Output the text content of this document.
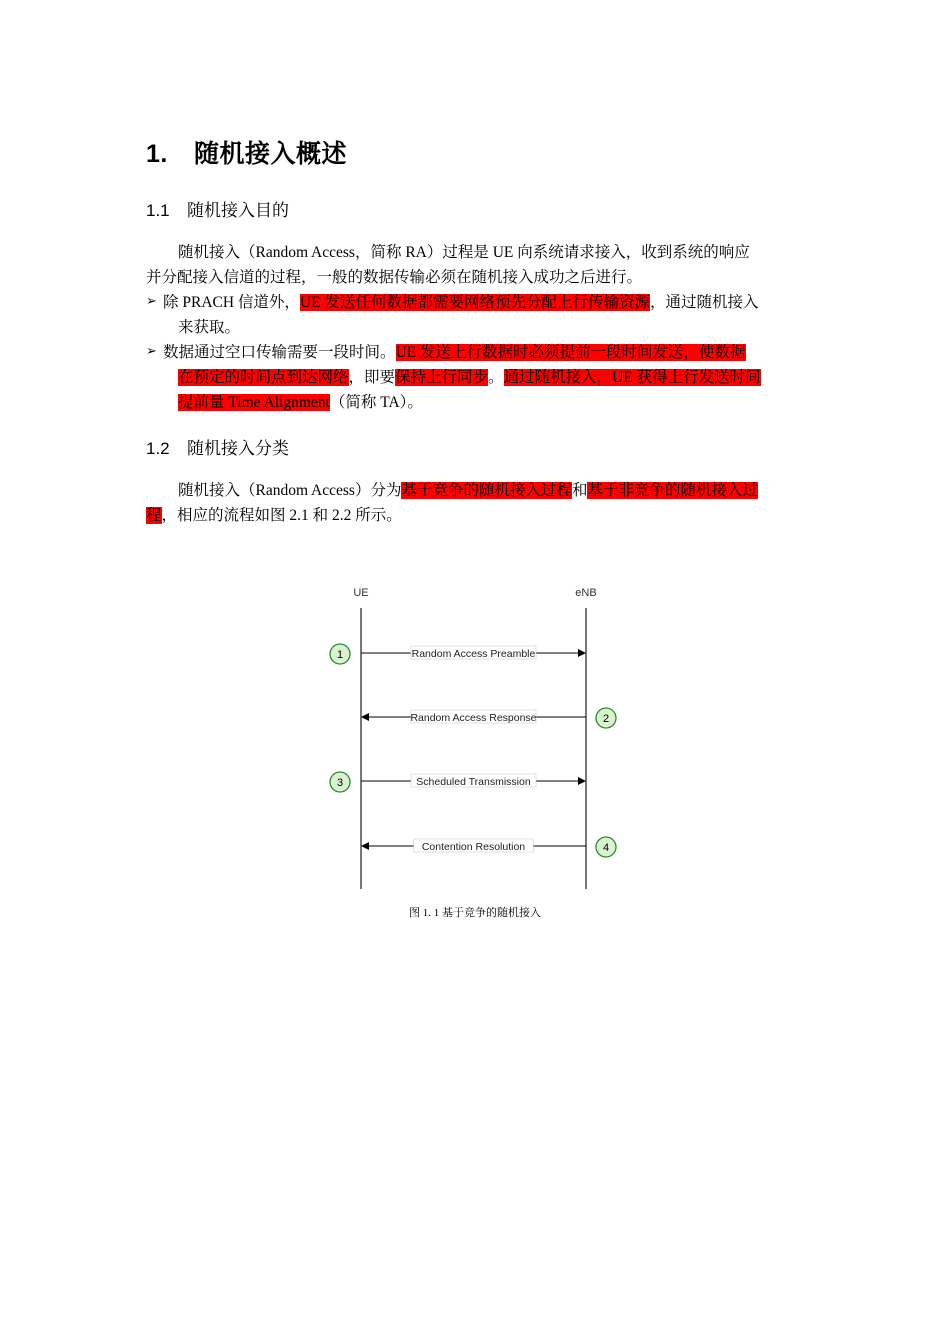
1. 随机接入概述
1.1 随机接入目的
随机接入（Random Access，简称 RA）过程是 UE 向系统请求接入，收到系统的响应
并分配接入信道的过程，一般的数据传输必须在随机接入成功之后进行。
➢ 除 PRACH 信道外，UE 发送任何数据都需要网络预先分配上行传输资源，通过随机接入
来获取。
➢ 数据通过空口传输需要一段时间。UE 发送上行数据时必须提前一段时间发送，使数据
在预定的时间点到达网络，即要保持上行同步。通过随机接入，UE 获得上行发送时间
提前量 Time Alignment（简称 TA）。
1.2 随机接入分类
随机接入（Random Access）分为基于竞争的随机接入过程和基于非竞争的随机接入过
程，相应的流程如图 2.1 和 2.2 所示。
UE	eNB
Random Access Preamble
1
Random Access Response	2
Scheduled Transmission
3
Contention Resolution	4
图 1. 1 基于竞争的随机接入
